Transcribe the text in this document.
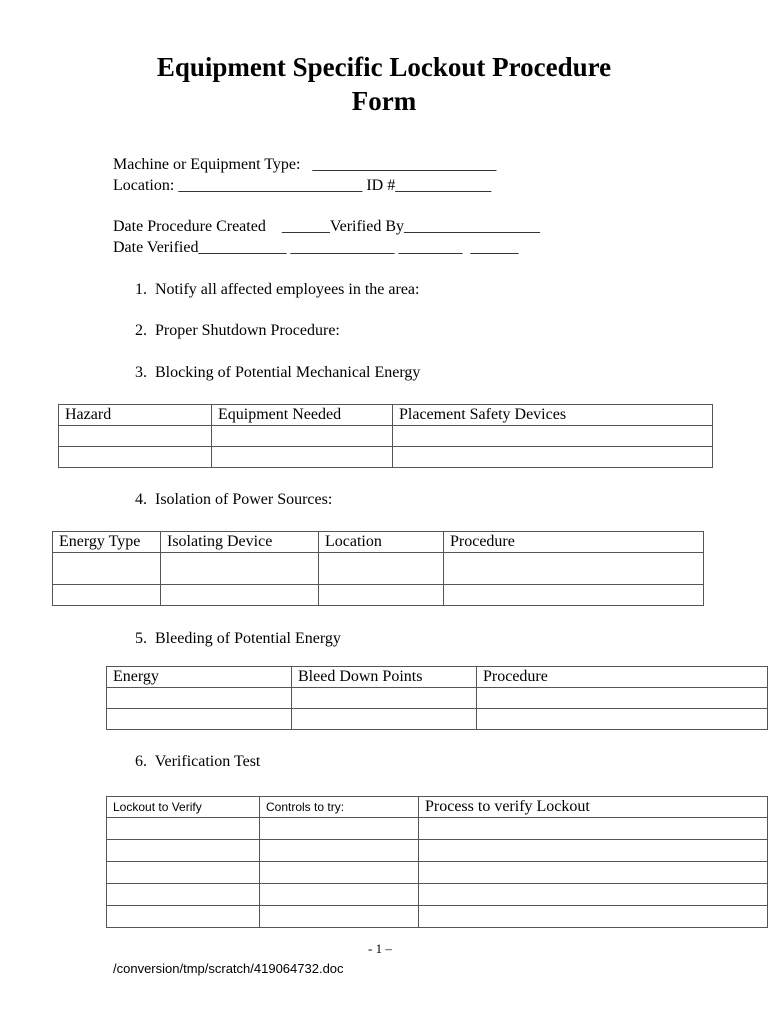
Equipment Specific Lockout Procedure
Form
Machine or Equipment Type:   _______________________
Location: _______________________ ID #____________
Date Procedure Created    ______Verified By_________________
Date Verified___________ _____________ ________  ______
1.  Notify all affected employees in the area:
2.  Proper Shutdown Procedure:
3.  Blocking of Potential Mechanical Energy
Hazard	Equipment Needed	Placement Safety Devices

4.  Isolation of Power Sources:
Energy Type	Isolating Device	Location	Procedure

5.  Bleeding of Potential Energy
Energy	Bleed Down Points	Procedure

6.  Verification Test
Lockout to Verify	Controls to try:	Process to verify Lockout

- 1 –
/conversion/tmp/scratch/419064732.doc
